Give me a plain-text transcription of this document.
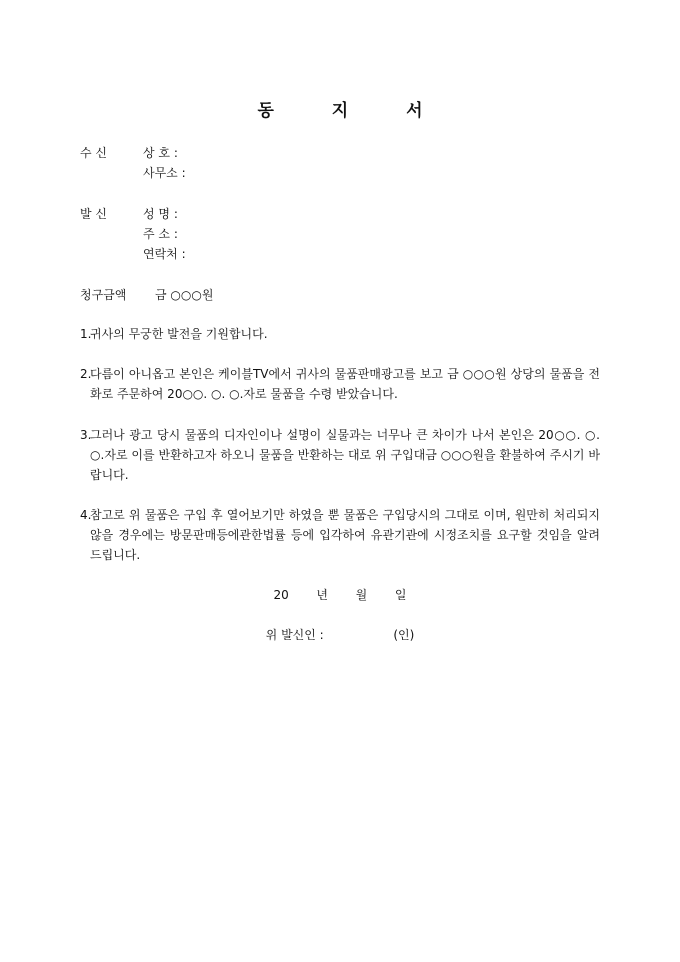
동 지 서
수 신	상 호 :
사무소 :
발 신	성 명 :
주 소 :
연락처 :
청구금액 금 ○○○원
1.
귀사의 무궁한 발전을 기원합니다.
2.
다름이 아니옵고 본인은 케이블TV에서 귀사의 물품판매광고를 보고 금 ○○○원 상당의 물품을 전화로 주문하여 20○○. ○. ○.자로 물품을 수령 받았습니다.
3.
그러나 광고 당시 물품의 디자인이나 설명이 실물과는 너무나 큰 차이가 나서 본인은 20○○. ○. ○.자로 이를 반환하고자 하오니 물품을 반환하는 대로 위 구입대금 ○○○원을 환불하여 주시기 바랍니다.
4.
참고로 위 물품은 구입 후 열어보기만 하였을 뿐 물품은 구입당시의 그대로 이며, 원만히 처리되지 않을 경우에는 방문판매등에관한법률 등에 입각하여 유관기관에 시정조치를 요구할 것임을 알려 드립니다.
20 년 월 일
위 발신인 :	(인)
